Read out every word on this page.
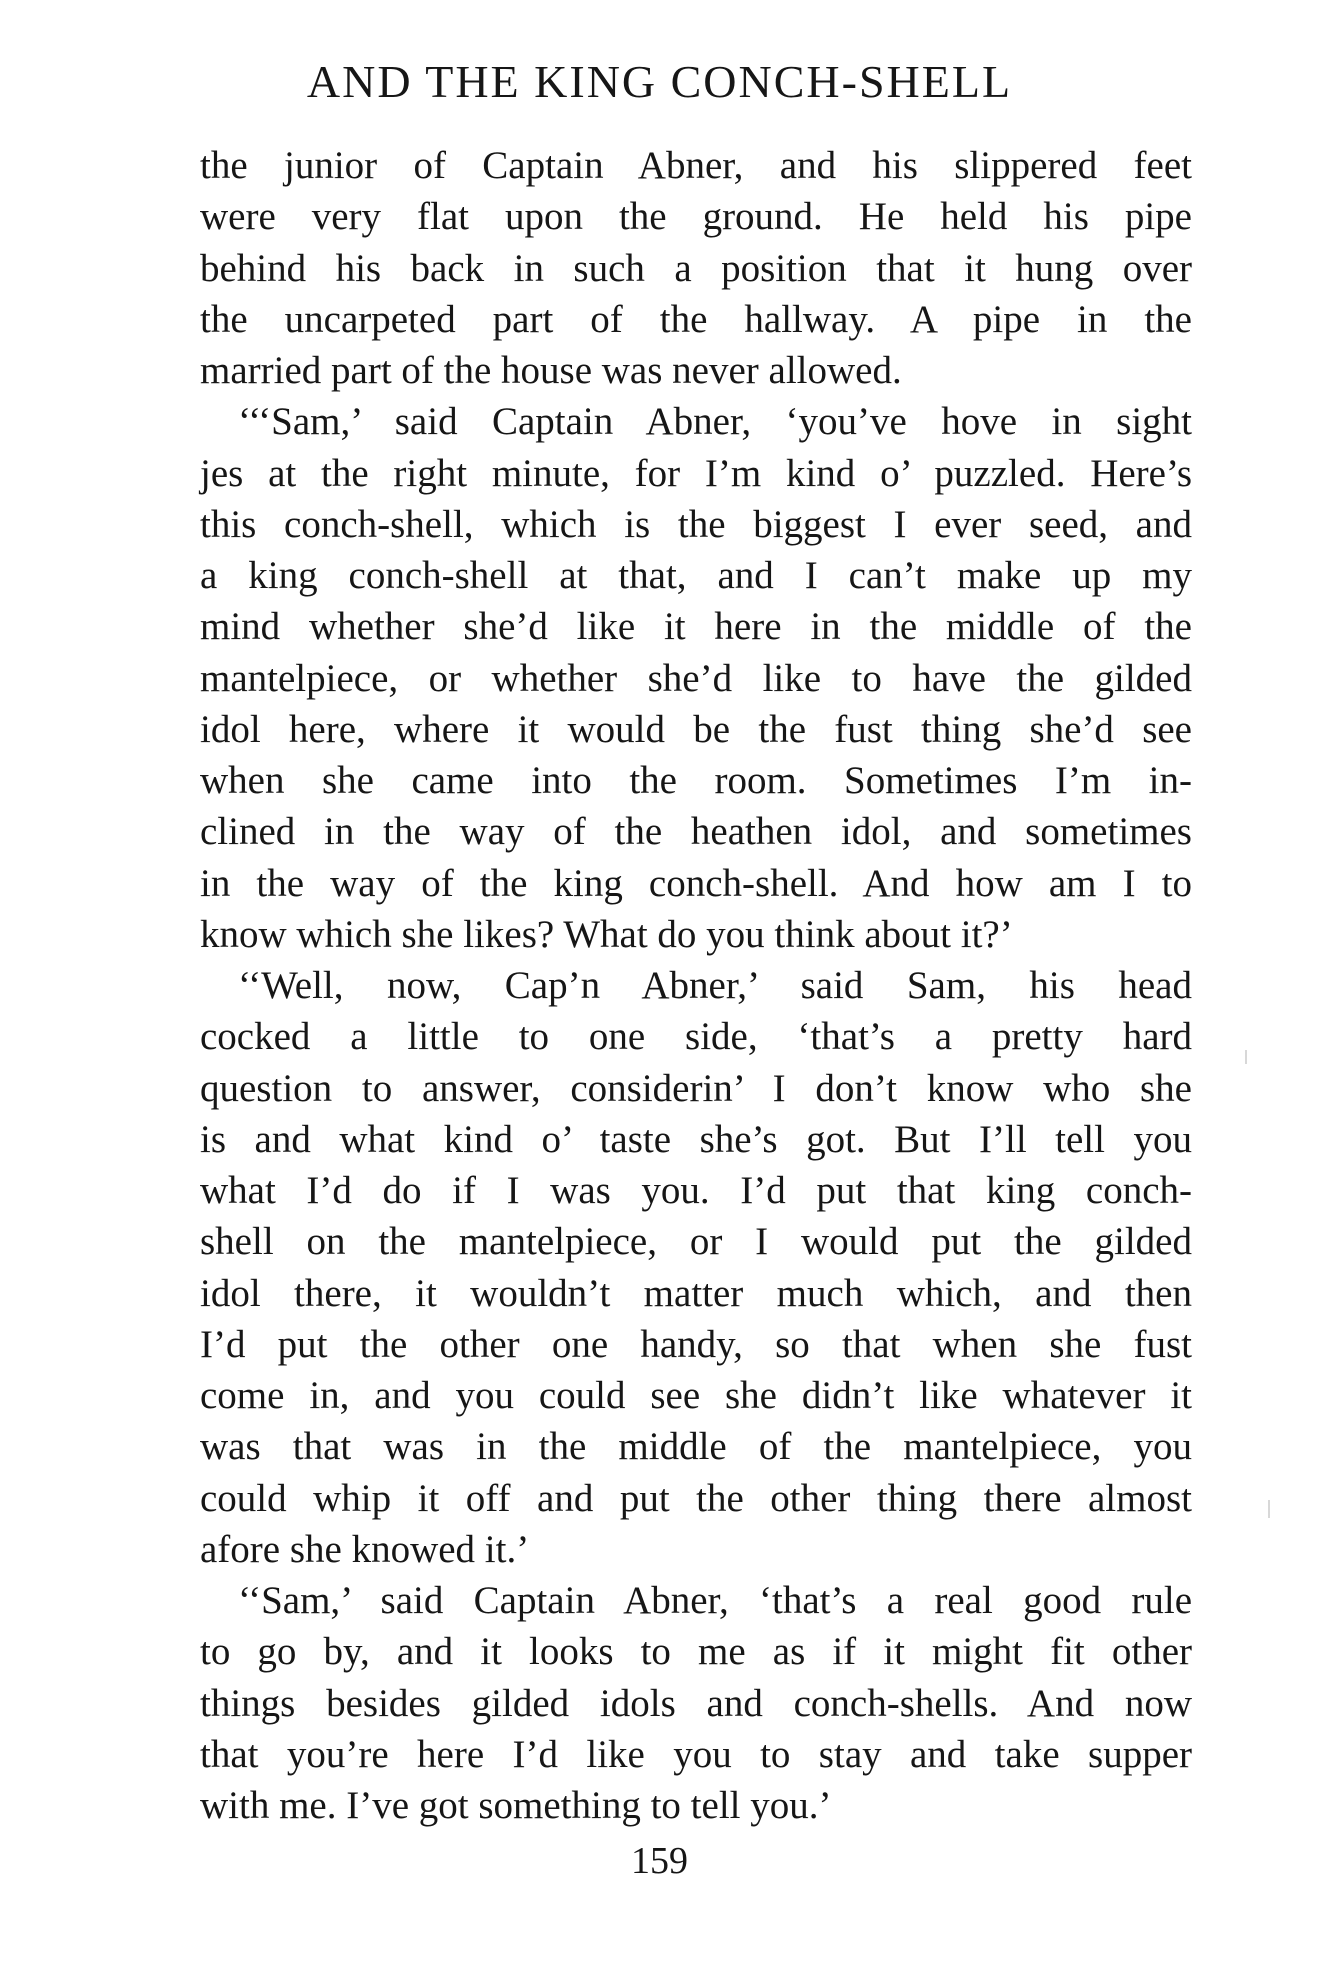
AND THE KING CONCH-SHELL
the junior of Captain Abner, and his slippered feet
were very flat upon the ground. He held his pipe
behind his back in such a position that it hung over
the uncarpeted part of the hallway. A pipe in the
married part of the house was never allowed.
‘‘‘Sam,’ said Captain Abner, ‘you’ve hove in sight
jes at the right minute, for I’m kind o’ puzzled. Here’s
this conch-shell, which is the biggest I ever seed, and
a king conch-shell at that, and I can’t make up my
mind whether she’d like it here in the middle of the
mantelpiece, or whether she’d like to have the gilded
idol here, where it would be the fust thing she’d see
when she came into the room. Sometimes I’m in-
clined in the way of the heathen idol, and sometimes
in the way of the king conch-shell. And how am I to
know which she likes? What do you think about it?’
‘‘Well, now, Cap’n Abner,’ said Sam, his head
cocked a little to one side, ‘that’s a pretty hard
question to answer, considerin’ I don’t know who she
is and what kind o’ taste she’s got. But I’ll tell you
what I’d do if I was you. I’d put that king conch-
shell on the mantelpiece, or I would put the gilded
idol there, it wouldn’t matter much which, and then
I’d put the other one handy, so that when she fust
come in, and you could see she didn’t like whatever it
was that was in the middle of the mantelpiece, you
could whip it off and put the other thing there almost
afore she knowed it.’
‘‘Sam,’ said Captain Abner, ‘that’s a real good rule
to go by, and it looks to me as if it might fit other
things besides gilded idols and conch-shells. And now
that you’re here I’d like you to stay and take supper
with me. I’ve got something to tell you.’
159
